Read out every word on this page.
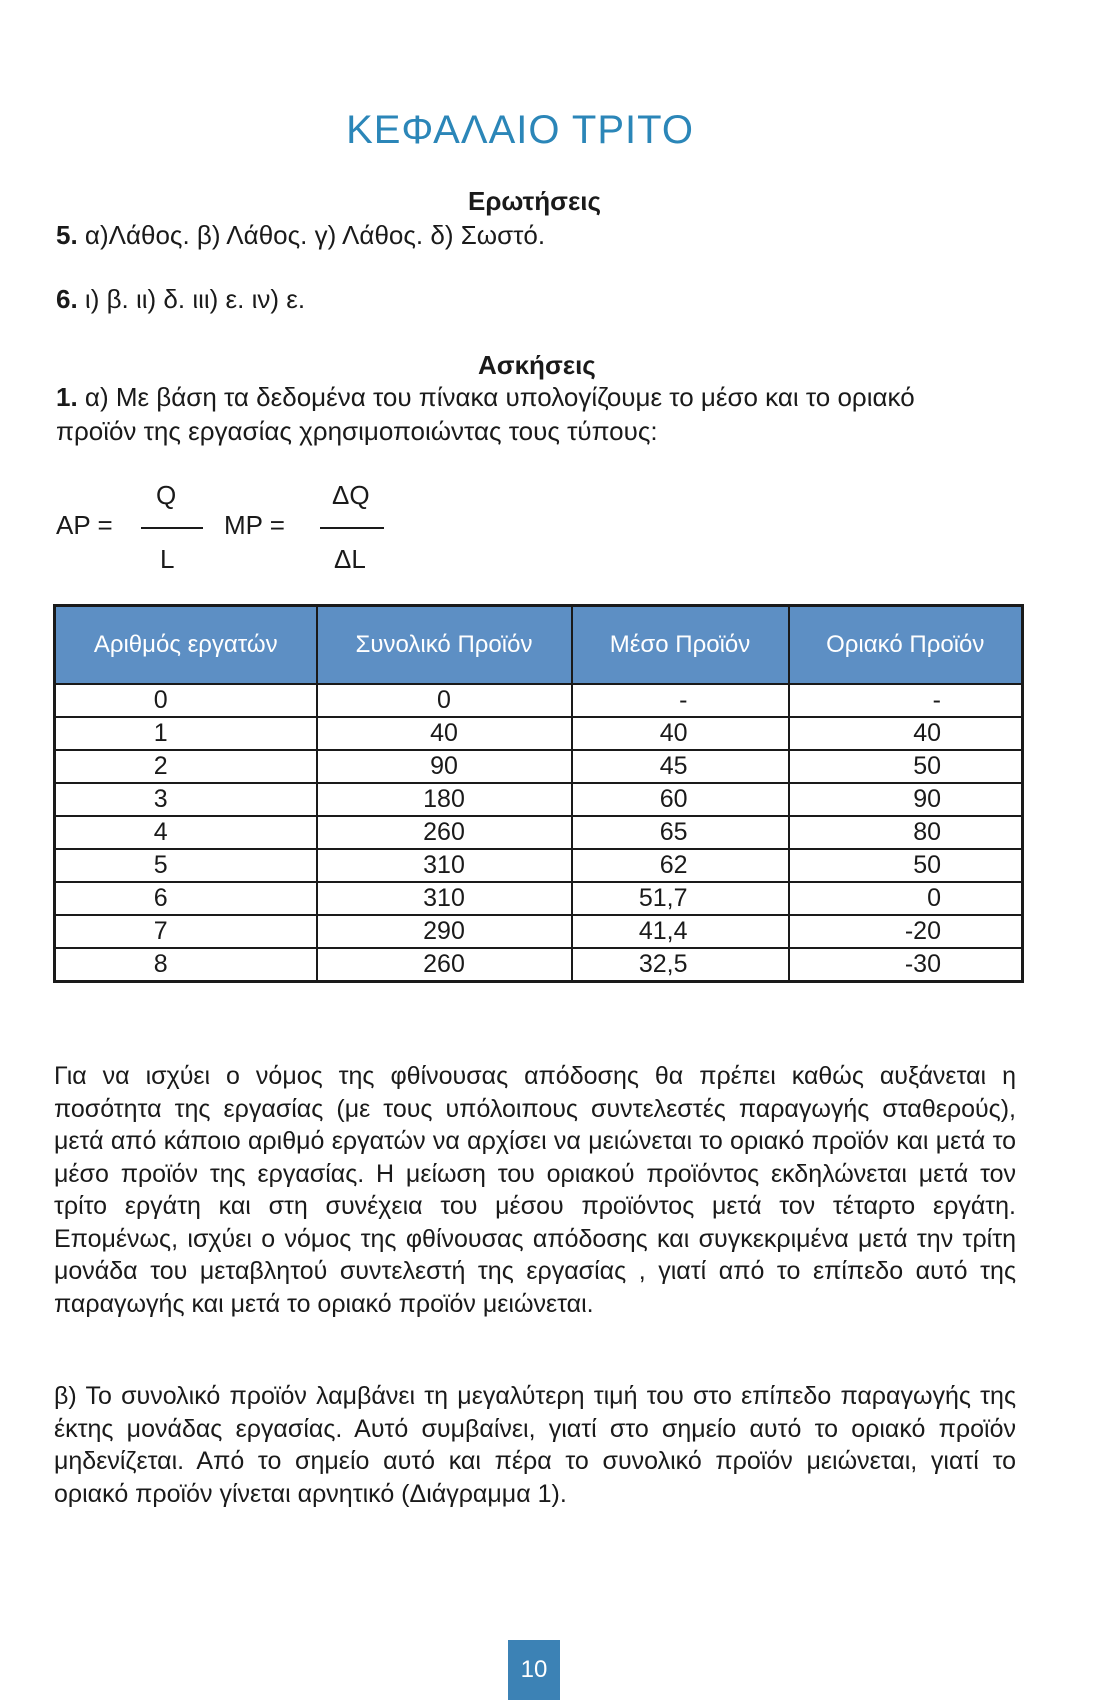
ΚΕΦΑΛΑΙΟ ΤΡΙΤΟ
Ερωτήσεις
5. α)Λάθος. β) Λάθος. γ) Λάθος. δ) Σωστό.
6. ι) β. ιι) δ. ιιι) ε. ιν) ε.
Ασκήσεις
1. α) Με βάση τα δεδομένα του πίνακα υπολογίζουμε το μέσο και το οριακό
προϊόν της εργασίας χρησιμοποιώντας τους τύπους:
Q
AP =
L
ΔQ
MP =
ΔL
Αριθμός εργατών	Συνολικό Προϊόν	Μέσο Προϊόν	Οριακό Προϊόν
0	0	-	-
1	40	40	40
2	90	45	50
3	180	60	90
4	260	65	80
5	310	62	50
6	310	51,7	0
7	290	41,4	-20
8	260	32,5	-30
Για να ισχύει ο νόμος της φθίνουσας απόδοσης θα πρέπει καθώς αυξάνεται η ποσότητα της εργασίας (με τους υπόλοιπους συντελεστές παραγωγής σταθερούς), μετά από κάποιο αριθμό εργατών να αρχίσει να μειώνεται το οριακό προϊόν και μετά το μέσο προϊόν της εργασίας. Η μείωση του οριακού προϊόντος εκδηλώνεται μετά τον τρίτο εργάτη και στη συνέχεια του μέσου προϊόντος μετά τον τέταρτο εργάτη. Επομένως, ισχύει ο νόμος της φθίνουσας απόδοσης και συγκεκριμένα μετά την τρίτη μονάδα του μεταβλητού συντελεστή της εργασίας , γιατί από το επίπεδο αυτό της παραγωγής και μετά το οριακό προϊόν μειώνεται.
β) Το συνολικό προϊόν λαμβάνει τη μεγαλύτερη τιμή του στο επίπεδο παραγωγής της έκτης μονάδας εργασίας. Αυτό συμβαίνει, γιατί στο σημείο αυτό το οριακό προϊόν μηδενίζεται. Από το σημείο αυτό και πέρα το συνολικό προϊόν μειώνεται, γιατί το οριακό προϊόν γίνεται αρνητικό (Διάγραμμα 1).
10
